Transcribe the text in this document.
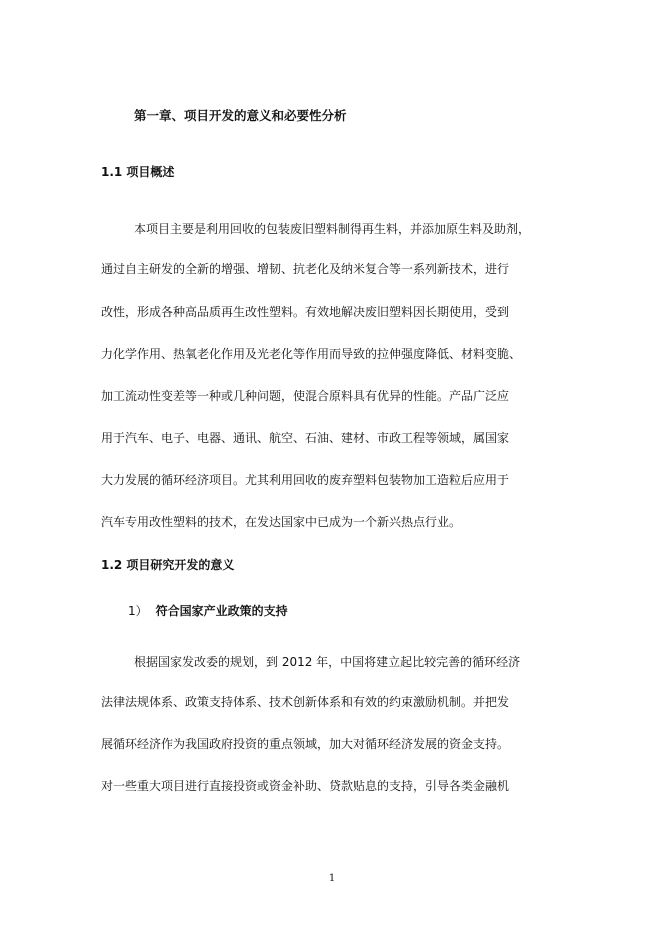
第一章、项目开发的意义和必要性分析
1.1 项目概述
本项目主要是利用回收的包装废旧塑料制得再生料，并添加原生料及助剂，
通过自主研发的全新的增强、增韧、抗老化及纳米复合等一系列新技术，进行
改性，形成各种高品质再生改性塑料。有效地解决废旧塑料因长期使用，受到
力化学作用、热氧老化作用及光老化等作用而导致的拉伸强度降低、材料变脆、
加工流动性变差等一种或几种问题，使混合原料具有优异的性能。产品广泛应
用于汽车、电子、电器、通讯、航空、石油、建材、市政工程等领域，属国家
大力发展的循环经济项目。尤其利用回收的废弃塑料包装物加工造粒后应用于
汽车专用改性塑料的技术，在发达国家中已成为一个新兴热点行业。
1.2 项目研究开发的意义
1） 符合国家产业政策的支持
根据国家发改委的规划，到 2012 年，中国将建立起比较完善的循环经济
法律法规体系、政策支持体系、技术创新体系和有效的约束激励机制。并把发
展循环经济作为我国政府投资的重点领域，加大对循环经济发展的资金支持。
对一些重大项目进行直接投资或资金补助、贷款贴息的支持，引导各类金融机
1
